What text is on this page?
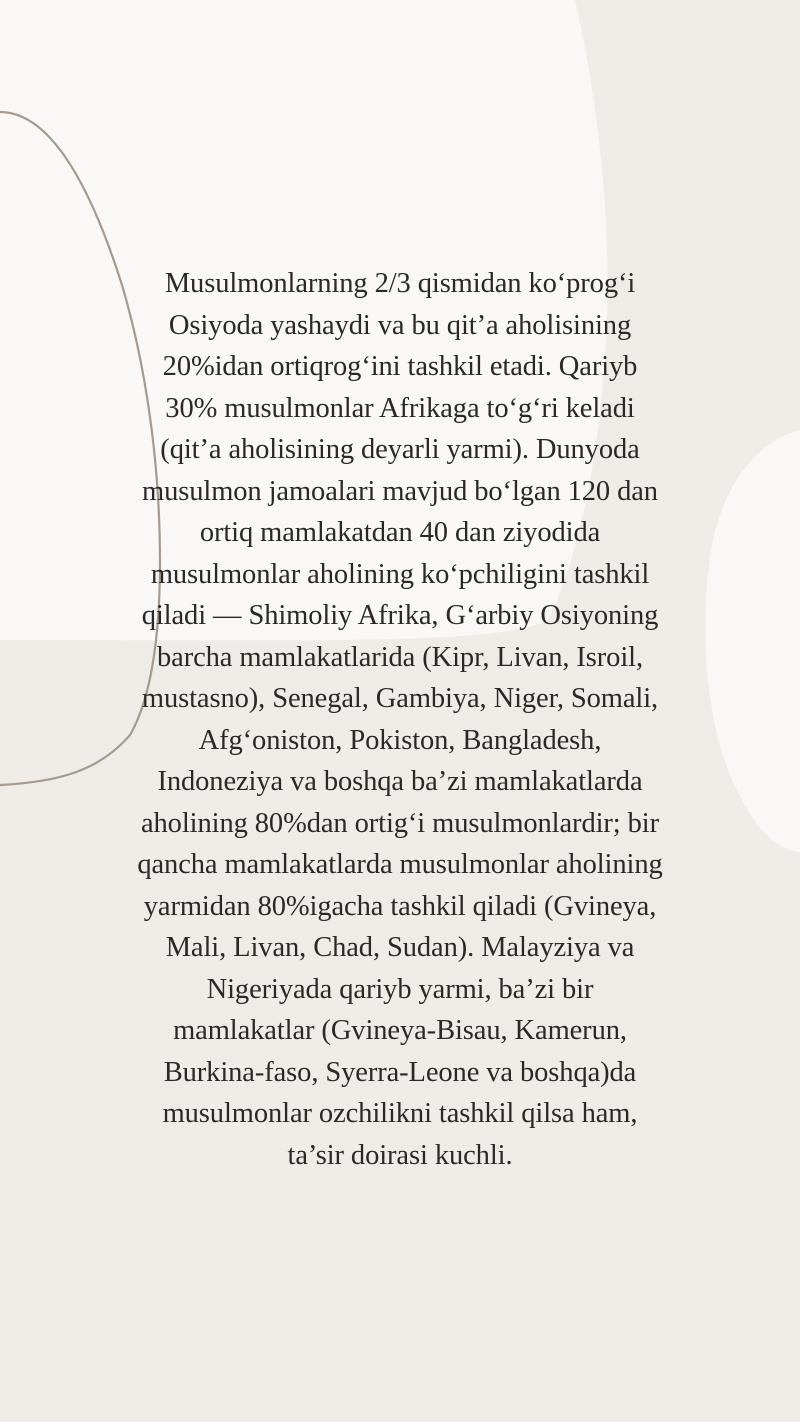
Musulmonlarning 2/3 qismidan koʻprogʻi
Osiyoda yashaydi va bu qit’a aholisining
20%idan ortiqrogʻini tashkil etadi. Qariyb
30% musulmonlar Afrikaga toʻgʻri keladi
(qit’a aholisining deyarli yarmi). Dunyoda
musulmon jamoalari mavjud boʻlgan 120 dan
ortiq mamlakatdan 40 dan ziyodida
musulmonlar aholining koʻpchiligini tashkil
qiladi — Shimoliy Afrika, Gʻarbiy Osiyoning
barcha mamlakatlarida (Kipr, Livan, Isroil,
mustasno), Senegal, Gambiya, Niger, Somali,
Afgʻoniston, Pokiston, Bangladesh,
Indoneziya va boshqa ba’zi mamlakatlarda
aholining 80%dan ortigʻi musulmonlardir; bir
qancha mamlakatlarda musulmonlar aholining
yarmidan 80%igacha tashkil qiladi (Gvineya,
Mali, Livan, Chad, Sudan). Malayziya va
Nigeriyada qariyb yarmi, ba’zi bir
mamlakatlar (Gvineya-Bisau, Kamerun,
Burkina-faso, Syerra-Leone va boshqa)da
musulmonlar ozchilikni tashkil qilsa ham,
ta’sir doirasi kuchli.
